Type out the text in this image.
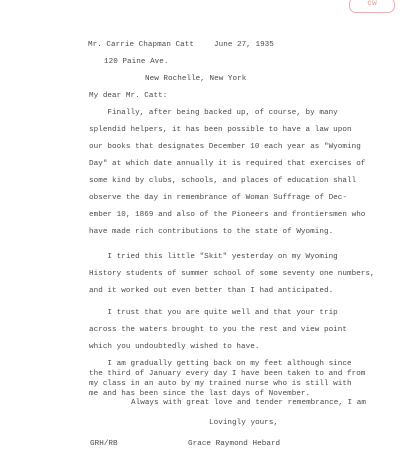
cw
Mr. Carrie Chapman Catt	June 27, 1935
120 Paine Ave.
New Rochelle, New York
My dear Mr. Catt:
Finally, after being backed up, of course, by many
splendid helpers, it has been possible to have a law upon
our books that designates December 10 each year as "Wyoming
Day" at which date annually it is required that exercises of
some kind by clubs, schools, and places of education shall
observe the day in remembrance of Woman Suffrage of Dec-
ember 10, 1869 and also of the Pioneers and frontiersmen who
have made rich contributions to the state of Wyoming.
I tried this little "Skit" yesterday on my Wyoming
History students of summer school of some seventy one numbers,
and it worked out even better than I had anticipated.
I trust that you are quite well and that your trip
across the waters brought to you the rest and view point
which you undoubtedly wished to have.
I am gradually getting back on my feet although since
the third of January every day I have been taken to and from
my class in an auto by my trained nurse who is still with
me and has been since the last days of November.
Always with great love and tender remembrance, I am
GRH/RB	Grace Raymond Hebard
Lovingly yours,
